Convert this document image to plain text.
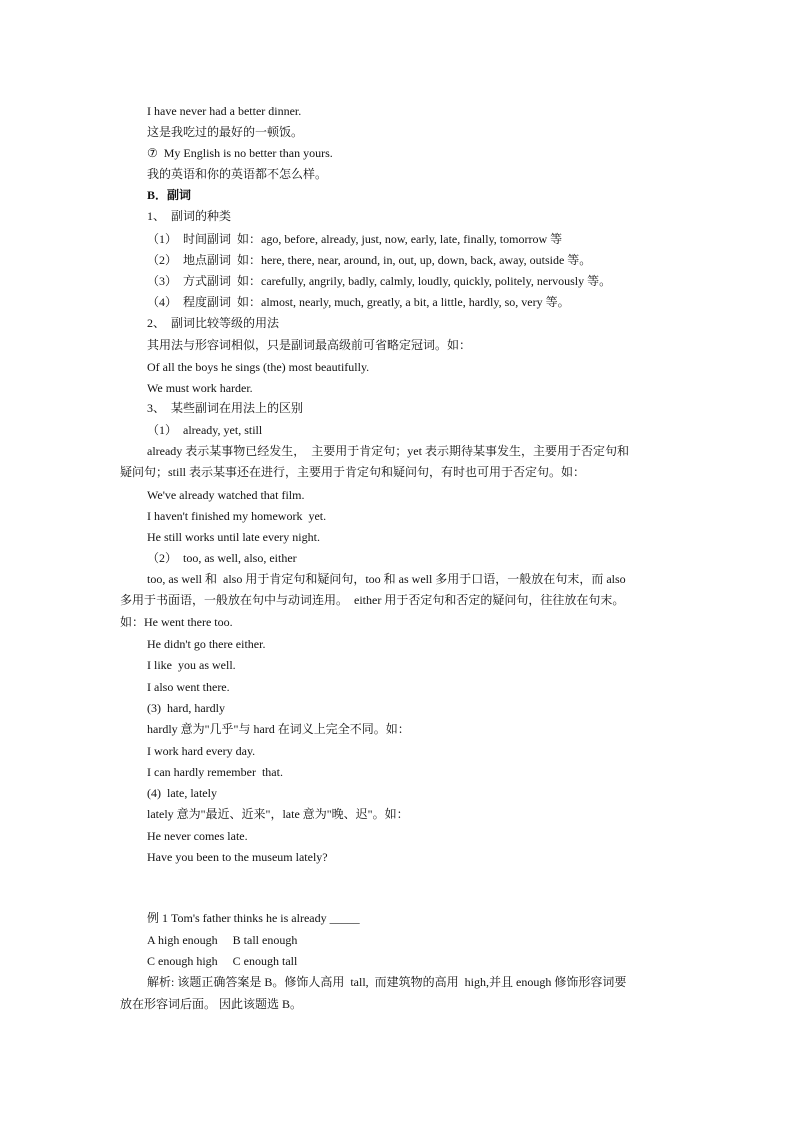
I have never had a better dinner.
这是我吃过的最好的一顿饭。
⑦  My English is no better than yours.
我的英语和你的英语都不怎么样。
B．副词
1、  副词的种类
（1）  时间副词  如：ago, before, already, just, now, early, late, finally, tomorrow 等
（2）  地点副词  如：here, there, near, around, in, out, up, down, back, away, outside 等。
（3）  方式副词  如：carefully, angrily, badly, calmly, loudly, quickly, politely, nervously 等。
（4）  程度副词  如：almost, nearly, much, greatly, a bit, a little, hardly, so, very 等。
2、  副词比较等级的用法
其用法与形容词相似，只是副词最高级前可省略定冠词。如：
Of all the boys he sings (the) most beautifully.
We must work harder.
3、  某些副词在用法上的区别
（1）  already, yet, still
already 表示某事物已经发生，  主要用于肯定句；yet 表示期待某事发生，主要用于否定句和
疑问句；still 表示某事还在进行，主要用于肯定句和疑问句，有时也可用于否定句。如：
We've already watched that film.
I haven't finished my homework  yet.
He still works until late every night.
（2）  too, as well, also, either
too, as well 和  also 用于肯定句和疑问句，too 和 as well 多用于口语，一般放在句末，而 also
多用于书面语，一般放在句中与动词连用。  either 用于否定句和否定的疑问句，往往放在句末。
如：He went there too.
He didn't go there either.
I like  you as well.
I also went there.
(3)  hard, hardly
hardly 意为"几乎"与 hard 在词义上完全不同。如：
I work hard every day.
I can hardly remember  that.
(4)  late, lately
lately 意为"最近、近来"，late 意为"晚、迟"。如：
He never comes late.
Have you been to the museum lately?
例 1 Tom's father thinks he is already _____
A high enough     B tall enough
C enough high     C enough tall
解析: 该题正确答案是 B。修饰人高用  tall,  而建筑物的高用  high,并且 enough 修饰形容词要
放在形容词后面。 因此该题选 B。
